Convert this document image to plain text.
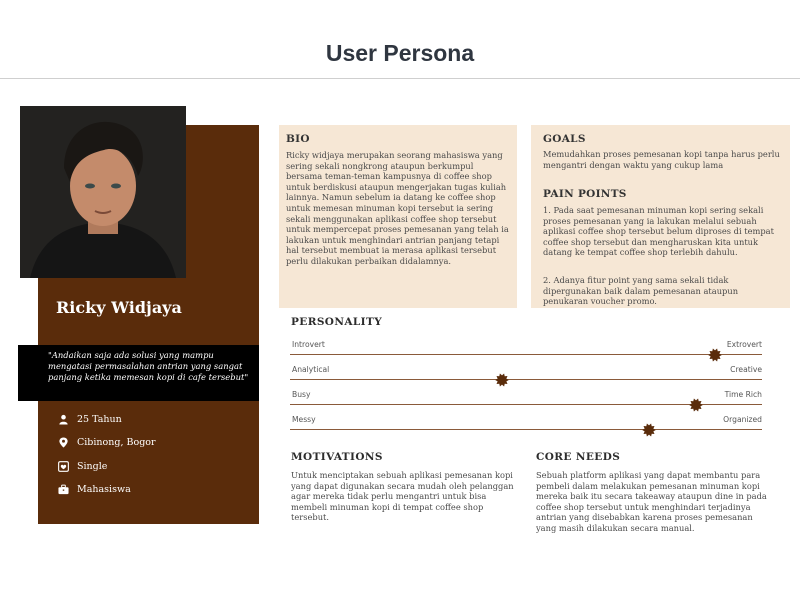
User Persona
Ricky Widjaya
"Andaikan saja ada solusi yang mampu mengatasi permasalahan antrian yang sangat panjang ketika memesan kopi di cafe tersebut"
25 Tahun
Cibinong, Bogor
Single
Mahasiswa
BIO
Ricky widjaya merupakan seorang mahasiswa yang sering sekali nongkrong ataupun berkumpul bersama teman-teman kampusnya di coffee shop untuk berdiskusi ataupun mengerjakan tugas kuliah lainnya. Namun sebelum ia datang ke coffee shop untuk memesan minuman kopi tersebut ia sering sekali menggunakan aplikasi coffee shop tersebut untuk mempercepat proses pemesanan yang telah ia lakukan untuk menghindari antrian panjang tetapi hal tersebut membuat ia merasa aplikasi tersebut perlu dilakukan perbaikan didalamnya.
GOALS
Memudahkan proses pemesanan kopi tanpa harus perlu mengantri dengan waktu yang cukup lama
PAIN POINTS
1. Pada saat pemesanan minuman kopi sering sekali proses pemesanan yang ia lakukan melalui sebuah aplikasi coffee shop tersebut belum diproses di tempat coffee shop tersebut dan mengharuskan kita untuk datang ke tempat coffee shop terlebih dahulu.
2. Adanya fitur point yang sama sekali tidak dipergunakan baik dalam pemesanan ataupun penukaran voucher promo.
PERSONALITY
Introvert	Extrovert
Analytical	Creative
Busy	Time Rich
Messy	Organized
MOTIVATIONS
Untuk menciptakan sebuah aplikasi pemesanan kopi yang dapat digunakan secara mudah oleh pelanggan agar mereka tidak perlu mengantri untuk bisa membeli minuman kopi di tempat coffee shop tersebut.
CORE NEEDS
Sebuah platform aplikasi yang dapat membantu para pembeli dalam melakukan pemesanan minuman kopi mereka baik itu secara takeaway ataupun dine in pada coffee shop tersebut untuk menghindari terjadinya antrian yang disebabkan karena proses pemesanan yang masih dilakukan secara manual.
